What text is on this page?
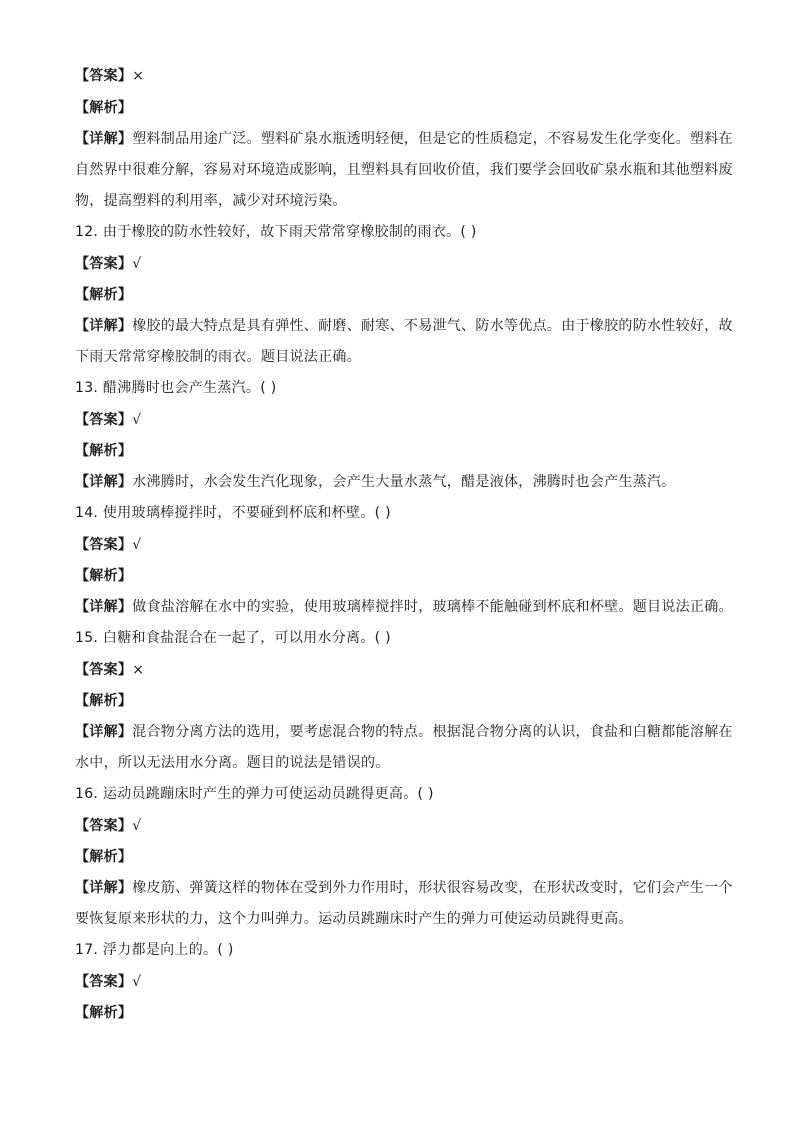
【答案】×
【解析】
【详解】塑料制品用途广泛。塑料矿泉水瓶透明轻便，但是它的性质稳定，不容易发生化学变化。塑料在
自然界中很难分解，容易对环境造成影响，且塑料具有回收价值，我们要学会回收矿泉水瓶和其他塑料废
物，提高塑料的利用率，减少对环境污染。
12. 由于橡胶的防水性较好，故下雨天常常穿橡胶制的雨衣。( )
【答案】√
【解析】
【详解】橡胶的最大特点是具有弹性、耐磨、耐寒、不易泄气、防水等优点。由于橡胶的防水性较好，故
下雨天常常穿橡胶制的雨衣。题目说法正确。
13. 醋沸腾时也会产生蒸汽。( )
【答案】√
【解析】
【详解】水沸腾时，水会发生汽化现象，会产生大量水蒸气，醋是液体，沸腾时也会产生蒸汽。
14. 使用玻璃棒搅拌时，不要碰到杯底和杯壁。( )
【答案】√
【解析】
【详解】做食盐溶解在水中的实验，使用玻璃棒搅拌时，玻璃棒不能触碰到杯底和杯壁。题目说法正确。
15. 白糖和食盐混合在一起了，可以用水分离。( )
【答案】×
【解析】
【详解】混合物分离方法的选用，要考虑混合物的特点。根据混合物分离的认识，食盐和白糖都能溶解在
水中，所以无法用水分离。题目的说法是错误的。
16. 运动员跳蹦床时产生的弹力可使运动员跳得更高。( )
【答案】√
【解析】
【详解】橡皮筋、弹簧这样的物体在受到外力作用时，形状很容易改变，在形状改变时，它们会产生一个
要恢复原来形状的力，这个力叫弹力。运动员跳蹦床时产生的弹力可使运动员跳得更高。
17. 浮力都是向上的。( )
【答案】√
【解析】
